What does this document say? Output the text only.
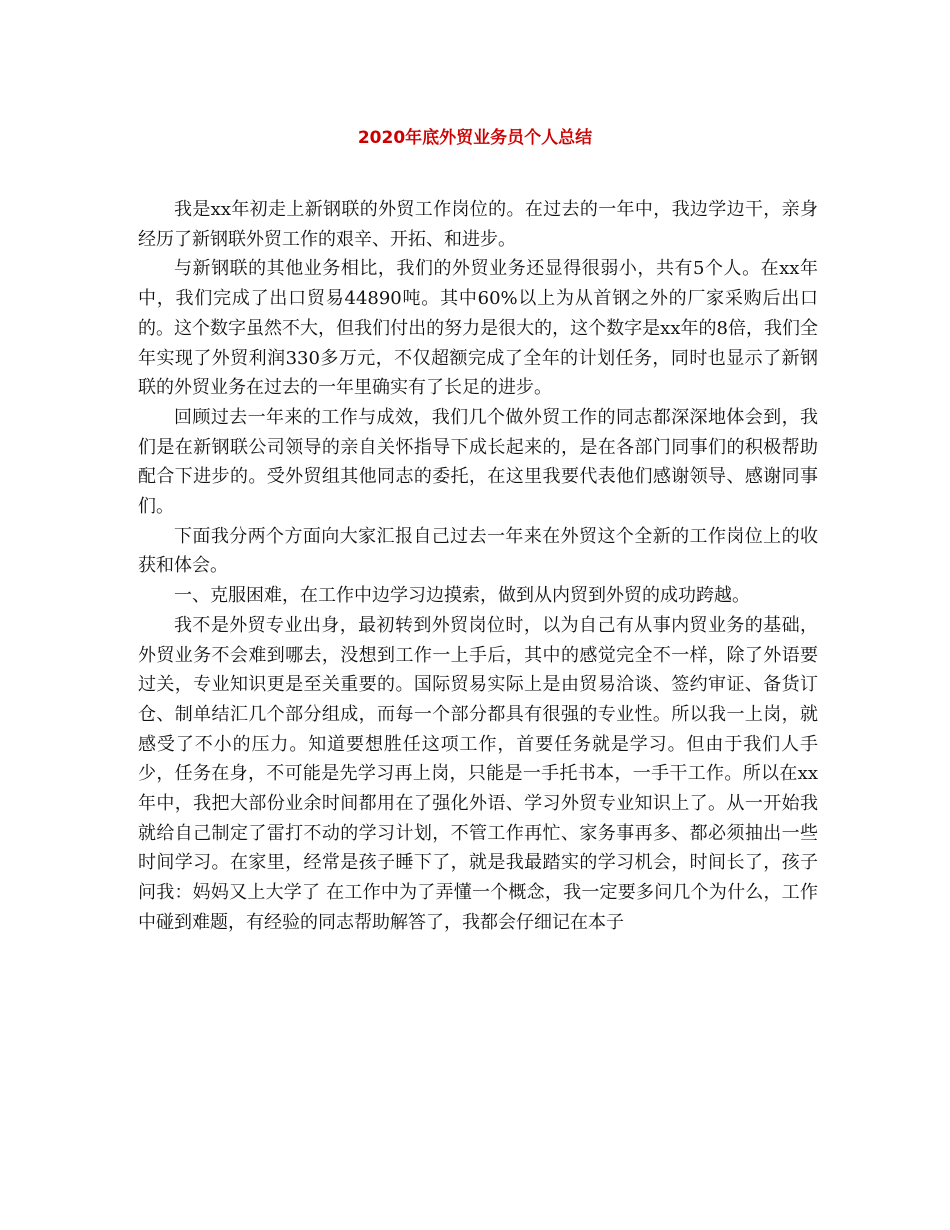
2020年底外贸业务员个人总结

我是xx年初走上新钢联的外贸工作岗位的。在过去的一年中，我边学边干，亲身经历了新钢联外贸工作的艰辛、开拓、和进步。

与新钢联的其他业务相比，我们的外贸业务还显得很弱小，共有5个人。在xx年中，我们完成了出口贸易44890吨。其中60%以上为从首钢之外的厂家采购后出口的。这个数字虽然不大，但我们付出的努力是很大的，这个数字是xx年的8倍，我们全年实现了外贸利润330多万元，不仅超额完成了全年的计划任务，同时也显示了新钢联的外贸业务在过去的一年里确实有了长足的进步。

回顾过去一年来的工作与成效，我们几个做外贸工作的同志都深深地体会到，我们是在新钢联公司领导的亲自关怀指导下成长起来的，是在各部门同事们的积极帮助配合下进步的。受外贸组其他同志的委托，在这里我要代表他们感谢领导、感谢同事们。

下面我分两个方面向大家汇报自己过去一年来在外贸这个全新的工作岗位上的收获和体会。

一、克服困难，在工作中边学习边摸索，做到从内贸到外贸的成功跨越。

我不是外贸专业出身，最初转到外贸岗位时，以为自己有从事内贸业务的基础，外贸业务不会难到哪去，没想到工作一上手后，其中的感觉完全不一样，除了外语要过关，专业知识更是至关重要的。国际贸易实际上是由贸易洽谈、签约审证、备货订仓、制单结汇几个部分组成，而每一个部分都具有很强的专业性。所以我一上岗，就感受了不小的压力。知道要想胜任这项工作，首要任务就是学习。但由于我们人手少，任务在身，不可能是先学习再上岗，只能是一手托书本，一手干工作。所以在xx年中，我把大部份业余时间都用在了强化外语、学习外贸专业知识上了。从一开始我就给自己制定了雷打不动的学习计划，不管工作再忙、家务事再多、都必须抽出一些时间学习。在家里，经常是孩子睡下了，就是我最踏实的学习机会，时间长了，孩子问我：妈妈又上大学了 在工作中为了弄懂一个概念，我一定要多问几个为什么，工作中碰到难题，有经验的同志帮助解答了，我都会仔细记在本子
